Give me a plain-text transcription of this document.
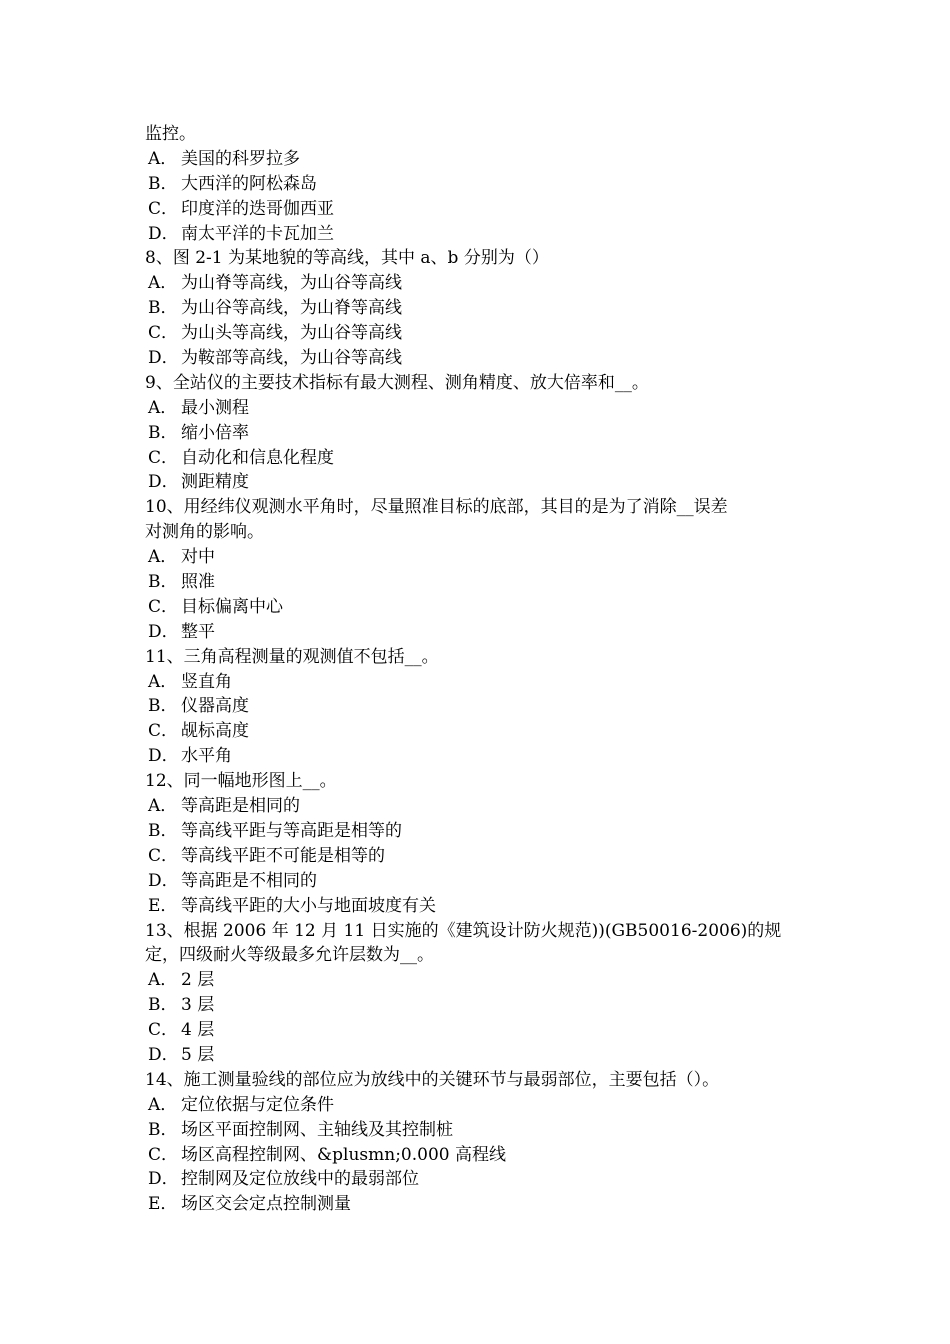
监控。
A． 美国的科罗拉多
B． 大西洋的阿松森岛
C． 印度洋的迭哥伽西亚
D． 南太平洋的卡瓦加兰
8、图 2-1 为某地貌的等高线，其中 a、b 分别为（）
A． 为山脊等高线，为山谷等高线
B． 为山谷等高线，为山脊等高线
C． 为山头等高线，为山谷等高线
D． 为鞍部等高线，为山谷等高线
9、全站仪的主要技术指标有最大测程、测角精度、放大倍率和__。
A． 最小测程
B． 缩小倍率
C． 自动化和信息化程度
D． 测距精度
10、用经纬仪观测水平角时，尽量照准目标的底部，其目的是为了消除__误差
对测角的影响。
A． 对中
B． 照准
C． 目标偏离中心
D． 整平
11、三角高程测量的观测值不包括__。
A． 竖直角
B． 仪器高度
C． 觇标高度
D． 水平角
12、同一幅地形图上__。
A． 等高距是相同的
B． 等高线平距与等高距是相等的
C． 等高线平距不可能是相等的
D． 等高距是不相同的
E． 等高线平距的大小与地面坡度有关
13、根据 2006 年 12 月 11 日实施的《建筑设计防火规范))(GB50016-2006)的规
定，四级耐火等级最多允许层数为__。
A． 2 层
B． 3 层
C． 4 层
D． 5 层
14、施工测量验线的部位应为放线中的关键环节与最弱部位，主要包括（）。
A． 定位依据与定位条件
B． 场区平面控制网、主轴线及其控制桩
C． 场区高程控制网、&plusmn;0.000 高程线
D． 控制网及定位放线中的最弱部位
E． 场区交会定点控制测量
